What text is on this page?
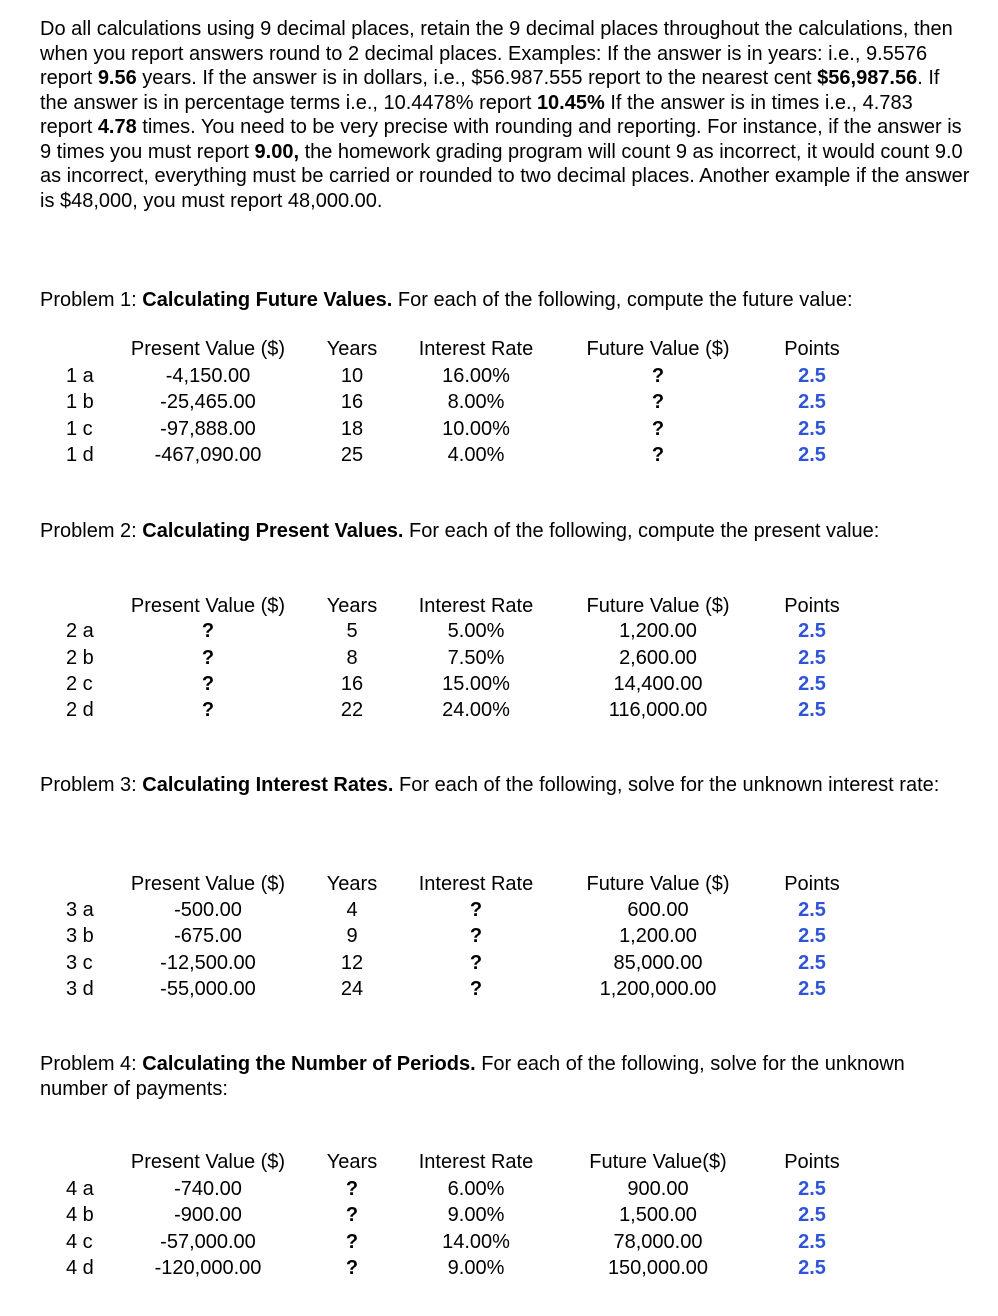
Do all calculations using 9 decimal places, retain the 9 decimal places throughout the calculations, then when you report answers round to 2 decimal places. Examples: If the answer is in years: i.e., 9.5576 report 9.56 years. If the answer is in dollars, i.e., $56.987.555 report to the nearest cent $56,987.56. If the answer is in percentage terms i.e., 10.4478% report 10.45% If the answer is in times i.e., 4.783 report 4.78 times. You need to be very precise with rounding and reporting. For instance, if the answer is 9 times you must report 9.00, the homework grading program will count 9 as incorrect, it would count 9.0 as incorrect, everything must be carried or rounded to two decimal places. Another example if the answer is $48,000, you must report 48,000.00.
Problem 1: Calculating Future Values. For each of the following, compute the future value:
Present Value ($)	Years	Interest Rate	Future Value ($)	Points
1 a	-4,150.00	10	16.00%	?	2.5
1 b	-25,465.00	16	8.00%	?	2.5
1 c	-97,888.00	18	10.00%	?	2.5
1 d	-467,090.00	25	4.00%	?	2.5
Problem 2: Calculating Present Values. For each of the following, compute the present value:
Present Value ($)	Years	Interest Rate	Future Value ($)	Points
2 a	?	5	5.00%	1,200.00	2.5
2 b	?	8	7.50%	2,600.00	2.5
2 c	?	16	15.00%	14,400.00	2.5
2 d	?	22	24.00%	116,000.00	2.5
Problem 3: Calculating Interest Rates. For each of the following, solve for the unknown interest rate:
Present Value ($)	Years	Interest Rate	Future Value ($)	Points
3 a	-500.00	4	?	600.00	2.5
3 b	-675.00	9	?	1,200.00	2.5
3 c	-12,500.00	12	?	85,000.00	2.5
3 d	-55,000.00	24	?	1,200,000.00	2.5
Problem 4: Calculating the Number of Periods. For each of the following, solve for the unknown number of payments:
Present Value ($)	Years	Interest Rate	Future Value($)	Points
4 a	-740.00	?	6.00%	900.00	2.5
4 b	-900.00	?	9.00%	1,500.00	2.5
4 c	-57,000.00	?	14.00%	78,000.00	2.5
4 d	-120,000.00	?	9.00%	150,000.00	2.5
